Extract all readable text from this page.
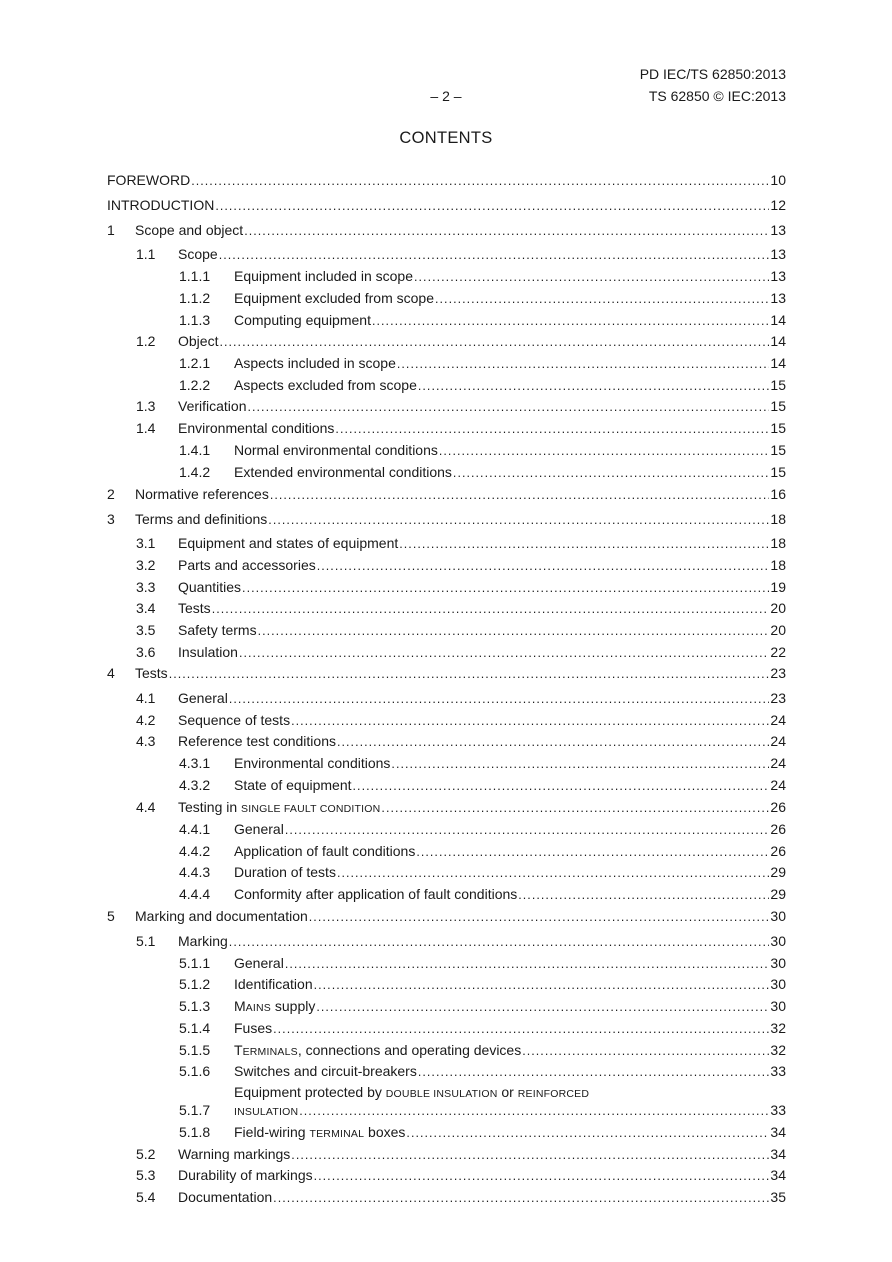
PD IEC/TS 62850:2013
TS 62850 © IEC:2013
– 2 –
CONTENTS
FOREWORD .....	10
INTRODUCTION .....	12
1 Scope and object .....	13
1.1 Scope .....	13
1.1.1 Equipment included in scope .....	13
1.1.2 Equipment excluded from scope .....	13
1.1.3 Computing equipment .....	14
1.2 Object .....	14
1.2.1 Aspects included in scope .....	14
1.2.2 Aspects excluded from scope .....	15
1.3 Verification .....	15
1.4 Environmental conditions .....	15
1.4.1 Normal environmental conditions .....	15
1.4.2 Extended environmental conditions .....	15
2 Normative references .....	16
3 Terms and definitions .....	18
3.1 Equipment and states of equipment .....	18
3.2 Parts and accessories .....	18
3.3 Quantities .....	19
3.4 Tests .....	20
3.5 Safety terms .....	20
3.6 Insulation .....	22
4 Tests .....	23
4.1 General .....	23
4.2 Sequence of tests .....	24
4.3 Reference test conditions .....	24
4.3.1 Environmental conditions .....	24
4.3.2 State of equipment .....	24
4.4 Testing in SINGLE FAULT CONDITION .....	26
4.4.1 General .....	26
4.4.2 Application of fault conditions .....	26
4.4.3 Duration of tests .....	29
4.4.4 Conformity after application of fault conditions .....	29
5 Marking and documentation .....	30
5.1 Marking .....	30
5.1.1 General .....	30
5.1.2 Identification .....	30
5.1.3 MAINS supply .....	30
5.1.4 Fuses .....	32
5.1.5 TERMINALS, connections and operating devices .....	32
5.1.6 Switches and circuit-breakers .....	33
Equipment protected by DOUBLE INSULATION or REINFORCED
5.1.7 INSULATION .....	33
5.1.8 Field-wiring TERMINAL boxes .....	34
5.2 Warning markings .....	34
5.3 Durability of markings .....	34
5.4 Documentation .....	35
